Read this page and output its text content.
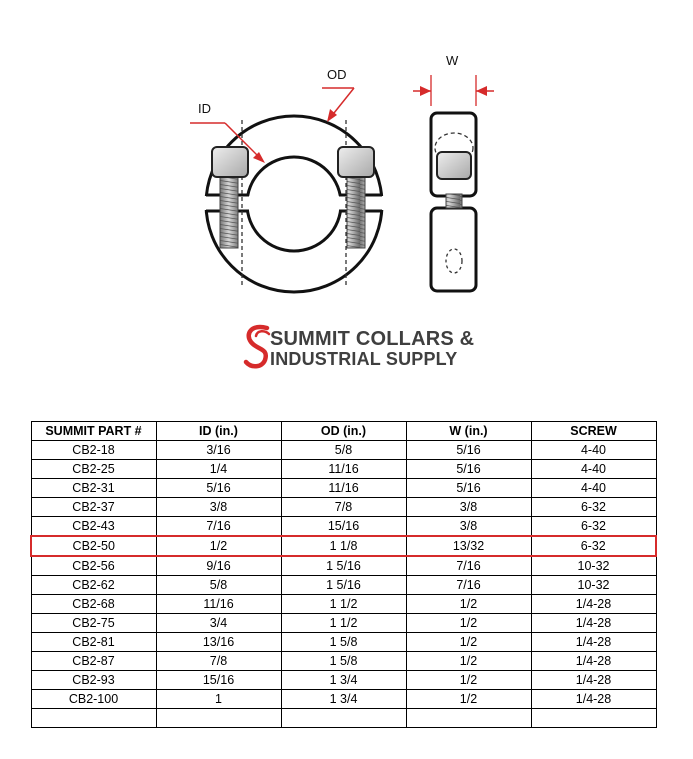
ID
OD
W
SUMMIT COLLARS &
INDUSTRIAL SUPPLY
SUMMIT PART #	ID (in.)	OD (in.)	W (in.)	SCREW
CB2-18	3/16	5/8	5/16	4-40
CB2-25	1/4	11/16	5/16	4-40
CB2-31	5/16	11/16	5/16	4-40
CB2-37	3/8	7/8	3/8	6-32
CB2-43	7/16	15/16	3/8	6-32
CB2-50	1/2	1 1/8	13/32	6-32
CB2-56	9/16	1 5/16	7/16	10-32
CB2-62	5/8	1 5/16	7/16	10-32
CB2-68	11/16	1 1/2	1/2	1/4-28
CB2-75	3/4	1 1/2	1/2	1/4-28
CB2-81	13/16	1 5/8	1/2	1/4-28
CB2-87	7/8	1 5/8	1/2	1/4-28
CB2-93	15/16	1 3/4	1/2	1/4-28
CB2-100	1	1 3/4	1/2	1/4-28
